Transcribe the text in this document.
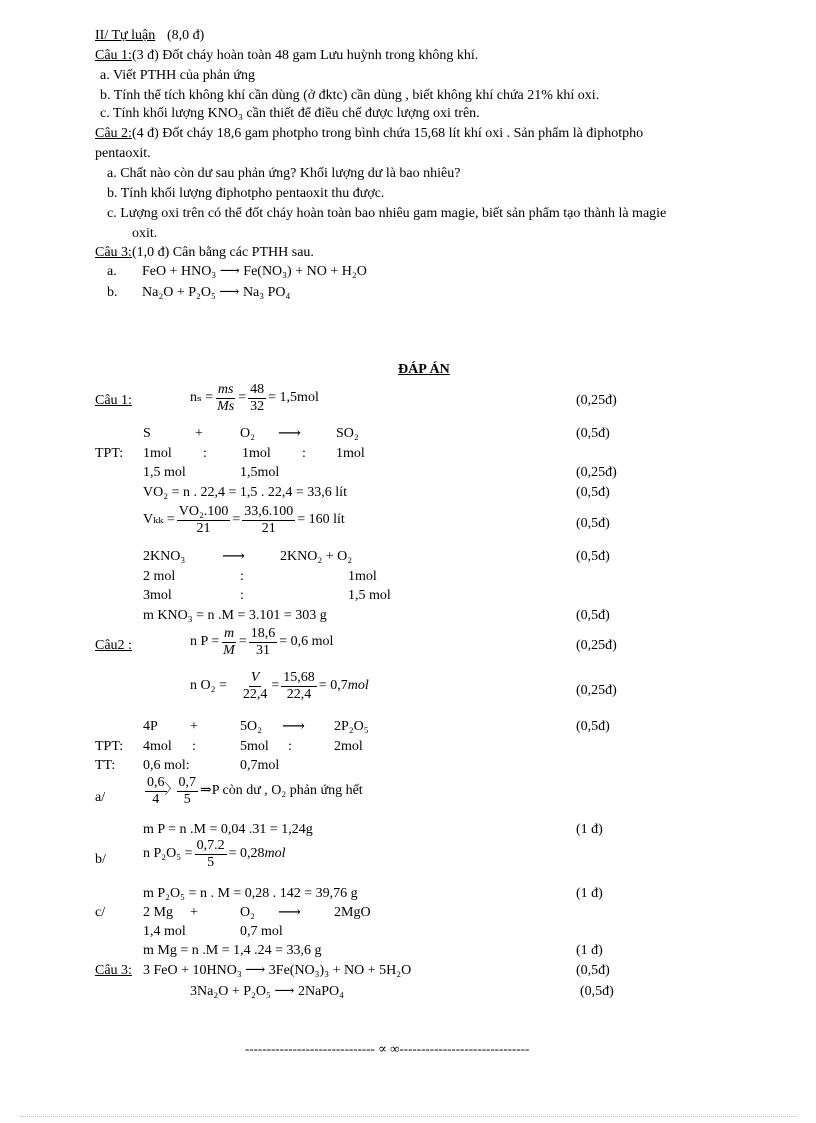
II/ Tự luận (8,0 đ)
Câu 1:(3 đ) Đốt cháy hoàn toàn 48 gam Lưu huỳnh trong không khí.
a. Viết PTHH của phản ứng
b. Tính thể tích không khí cần dùng (ở đktc) cần dùng , biết không khí chứa 21% khí oxi.
c. Tính khối lượng KNO₃ cần thiết để điều chế được lượng oxi trên.
Câu 2:(4 đ) Đốt cháy 18,6 gam photpho trong bình chứa 15,68 lít khí oxi . Sản phẩm là điphotpho
pentaoxit.
a. Chất nào còn dư sau phản ứng? Khối lượng dư là bao nhiêu?
b. Tính khối lượng điphotpho pentaoxit thu được.
c. Lượng oxi trên có thể đốt cháy hoàn toàn bao nhiêu gam magie, biết sản phẩm tạo thành là magie
oxit.
Câu 3:(1,0 đ) Cân bằng các PTHH sau.
a. FeO + HNO₃ ⟶ Fe(NO₃) + NO + H₂O
b. Na₂O + P₂O₅ ⟶ Na₃ PO₄
ĐÁP ÁN
Câu 1:	$n_s = \frac{ms}{Ms} = \frac{48}{32} = 1,5mol$	(0,25đ)
S	+	O₂ ⟶	SO₂	(0,5đ)
TPT: 1mol :	1mol : 1mol
1,5 mol	1,5mol	(0,25đ)
VO₂ = n . 22,4 = 1,5 . 22,4 = 33,6 lít	(0,5đ)
$V_{kk} = \frac{\text{VO₂.100}}{21} = \frac{33,6.100}{21} = 160$ lít	(0,5đ)
2KNO₃ ⟶	2KNO₂ + O₂	(0,5đ)
2 mol	:	1mol
3mol	:	1,5 mol
m KNO₃ = n .M = 3.101 = 303 g	(0,5đ)
Câu2 :	n $P = \frac{m}{M} = \frac{18,6}{31} = 0,6$ mol	(0,25đ)
n $O_2 = \frac{V}{22,4} = \frac{15,68}{22,4} = 0,7$ mol	(0,25đ)
4P +	5O₂ ⟶ 2P₂O₅	(0,5đ)
TPT: 4mol :	5mol :	2mol
TT: 0,6 mol:	0,7mol
a/	$\frac{0,6}{4}$
〉
$\frac{0,7}{5}$ ⇒P còn dư , O₂ phản ứng hết
m P = n .M = 0,04 .31 = 1,24g	(1 đ)
b/	n $P_2O_5 = \frac{0,7.2}{5} = 0,28$ mol
m P₂O₅ = n . M = 0,28 . 142 = 39,76 g	(1 đ)
c/	2 Mg +	O₂ ⟶ 2MgO
1,4 mol	0,7 mol
m Mg = n .M = 1,4 .24 = 33,6 g	(1 đ)
Câu 3: 3 FeO + 10HNO₃ ⟶ 3Fe(NO₃)₃ + NO + 5H₂O	(0,5đ)
3Na₂O + P₂O₅ ⟶ 2NaPO₄	(0,5đ)
------------------------------ ∝ ∞------------------------------
